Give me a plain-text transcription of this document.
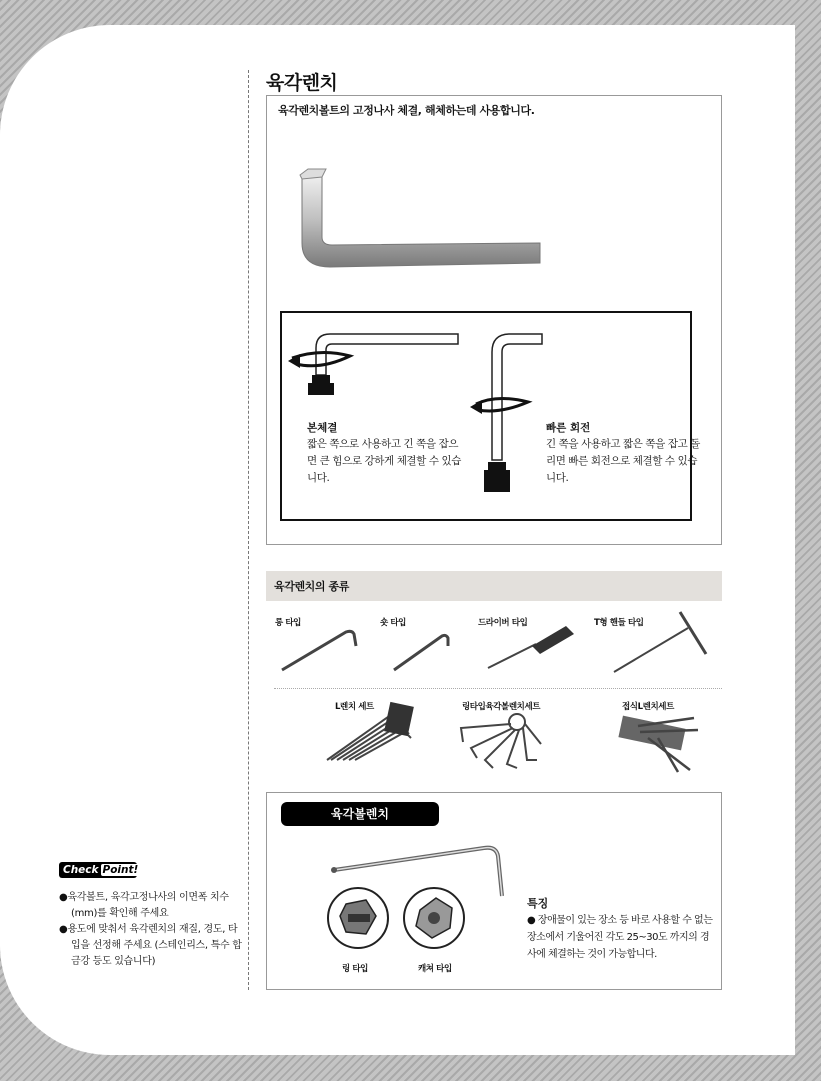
육각렌치
육각렌치볼트의 고정나사 체결, 해체하는데 사용합니다.
본체결
짧은 쪽으로 사용하고 긴 쪽을 잡으면 큰 힘으로 강하게 체결할 수 있습니다.
빠른 회전
긴 쪽을 사용하고 짧은 쪽을 잡고 돌리면 빠른 회전으로 체결할 수 있습니다.
육각렌치의 종류
롱 타입	숏 타입	드라이버 타입	T형 핸들 타입
L렌치 세트	링타입육각볼렌치세트	접식L렌치세트
육각볼렌치
링 타입	캐쳐 타입
특징
● 장애물이 있는 장소 등 바로 사용할 수 없는 장소에서 기울어진 각도 25~30도 까지의 경사에 체결하는 것이 가능합니다.
Check Point!
● 육각볼트, 육각고정나사의 이면폭 치수(mm)를 확인해 주세요
● 용도에 맞춰서 육각렌치의 재질, 경도, 타입을 선정해 주세요 (스테인리스, 특수 합금강 등도 있습니다)
